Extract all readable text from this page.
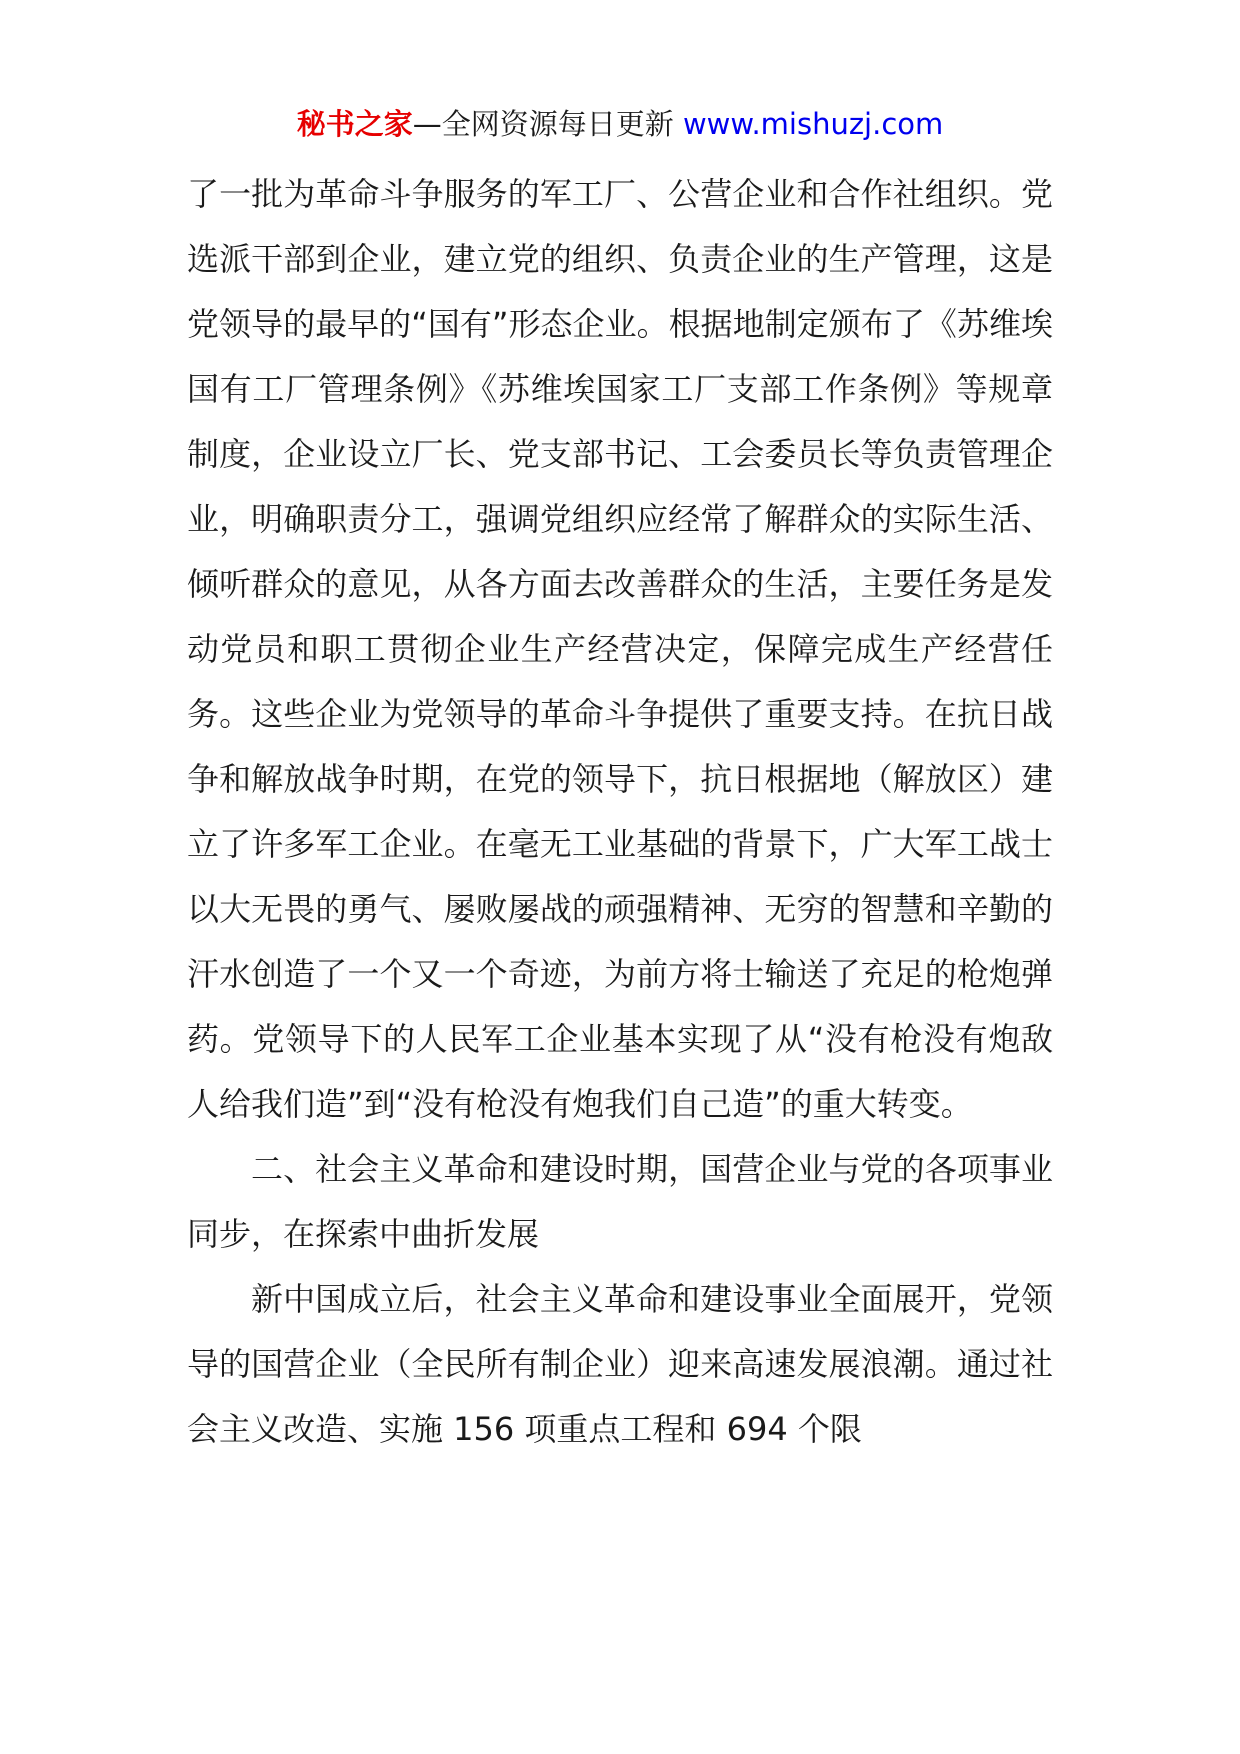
秘书之家—全网资源每日更新 www.mishuzj.com

了一批为革命斗争服务的军工厂、公营企业和合作社组织。党选派干部到企业，建立党的组织、负责企业的生产管理，这是党领导的最早的“国有”形态企业。根据地制定颁布了《苏维埃国有工厂管理条例》《苏维埃国家工厂支部工作条例》等规章制度，企业设立厂长、党支部书记、工会委员长等负责管理企业，明确职责分工，强调党组织应经常了解群众的实际生活、倾听群众的意见，从各方面去改善群众的生活，主要任务是发动党员和职工贯彻企业生产经营决定，保障完成生产经营任务。这些企业为党领导的革命斗争提供了重要支持。在抗日战争和解放战争时期，在党的领导下，抗日根据地（解放区）建立了许多军工企业。在毫无工业基础的背景下，广大军工战士以大无畏的勇气、屡败屡战的顽强精神、无穷的智慧和辛勤的汗水创造了一个又一个奇迹，为前方将士输送了充足的枪炮弹药。党领导下的人民军工企业基本实现了从“没有枪没有炮敌人给我们造”到“没有枪没有炮我们自己造”的重大转变。

二、社会主义革命和建设时期，国营企业与党的各项事业同步，在探索中曲折发展

新中国成立后，社会主义革命和建设事业全面展开，党领导的国营企业（全民所有制企业）迎来高速发展浪潮。通过社会主义改造、实施 156 项重点工程和 694 个限
